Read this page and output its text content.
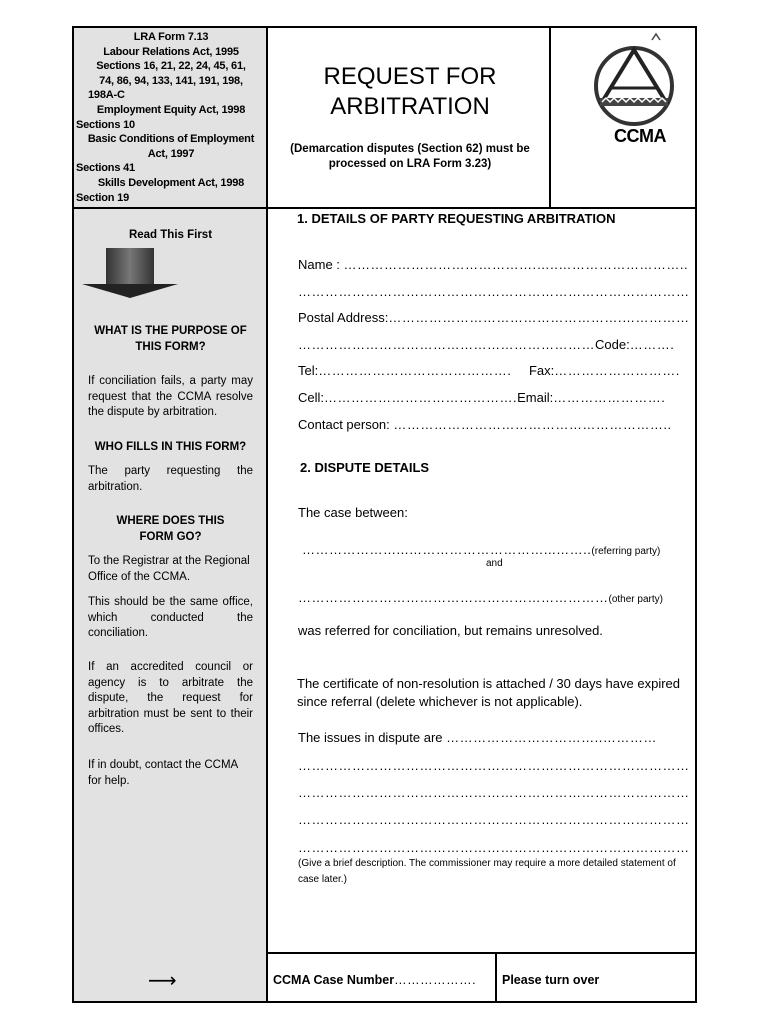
LRA Form 7.13
Labour Relations Act, 1995
Sections 16, 21, 22, 24, 45, 61,
74, 86, 94, 133, 141, 191, 198,
198A-C
Employment Equity Act, 1998
Sections 10
Basic Conditions of Employment
Act, 1997
Sections 41
Skills Development Act, 1998
Section 19
REQUEST FOR
ARBITRATION
(Demarcation disputes (Section 62) must be
processed on LRA Form 3.23)
CCMA
Read This First
WHAT IS THE PURPOSE OF THIS FORM?
If conciliation fails, a party may request that the CCMA resolve the dispute by arbitration.
WHO FILLS IN THIS FORM?
The party requesting the arbitration.
WHERE DOES THIS
FORM GO?
To the Registrar at the Regional Office of the CCMA.
This should be the same office, which conducted the conciliation.
If an accredited council or agency is to arbitrate the dispute, the request for arbitration must be sent to their offices.
If in doubt, contact the CCMA for help.
1. DETAILS OF PARTY REQUESTING ARBITRATION
Name : …………………………………….…..………………………..
……………………………………………………………………………
Postal Address:…………………………………………….……………
…………………………………………………………Code:……….
Tel:……………………………………. Fax:……………………….
Cell:…………………………………….Email:…………………….
Contact person: ……………………………………………………..
2. DISPUTE DETAILS
The case between:
…………………...…………………………...……..(referring party)
and
……………………………………………………………(other party)
was referred for conciliation, but remains unresolved.
The certificate of non-resolution is attached / 30 days have expired
since referral (delete whichever is not applicable).
The issues in dispute are ……………………………..…………
……………………………………………………………………………
……………………………………………………………………………
……………………………………………………………………………
……………………………………………………………………………
(Give a brief description. The commissioner may require a more detailed statement of
case later.)
⟶	CCMA Case Number………………. Please turn over
